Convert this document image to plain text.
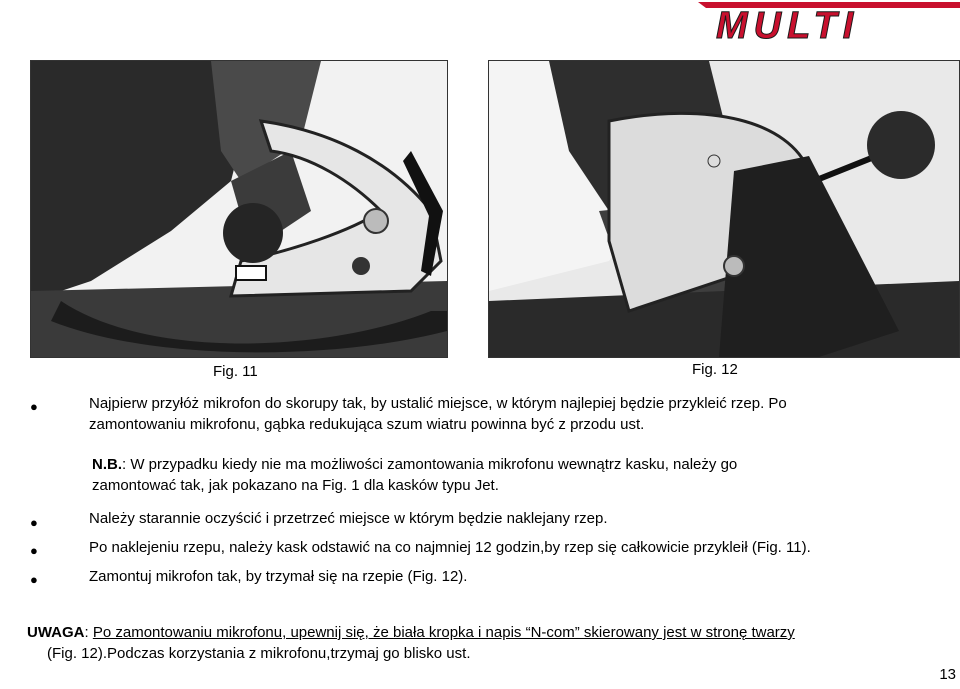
MULTI
Fig. 11	Fig. 12
●	Najpierw przyłóż mikrofon do skorupy tak, by ustalić miejsce, w którym najlepiej będzie przykleić rzep. Po
zamontowaniu mikrofonu, gąbka redukująca szum wiatru powinna być z przodu ust.
N.B.: W przypadku kiedy nie ma możliwości zamontowania mikrofonu wewnątrz kasku, należy go
zamontować tak, jak pokazano na Fig. 1 dla kasków typu Jet.
●	Należy starannie oczyścić i przetrzeć miejsce w którym będzie naklejany rzep.
●	Po naklejeniu rzepu, należy kask odstawić na co najmniej 12 godzin,by rzep się całkowicie przykleił (Fig. 11).
●	Zamontuj mikrofon tak, by trzymał się na rzepie (Fig. 12).
UWAGA: Po zamontowaniu mikrofonu, upewnij się, że biała kropka i napis “N-com” skierowany jest w stronę twarzy
(Fig. 12).Podczas korzystania z mikrofonu,trzymaj go blisko ust.
13
